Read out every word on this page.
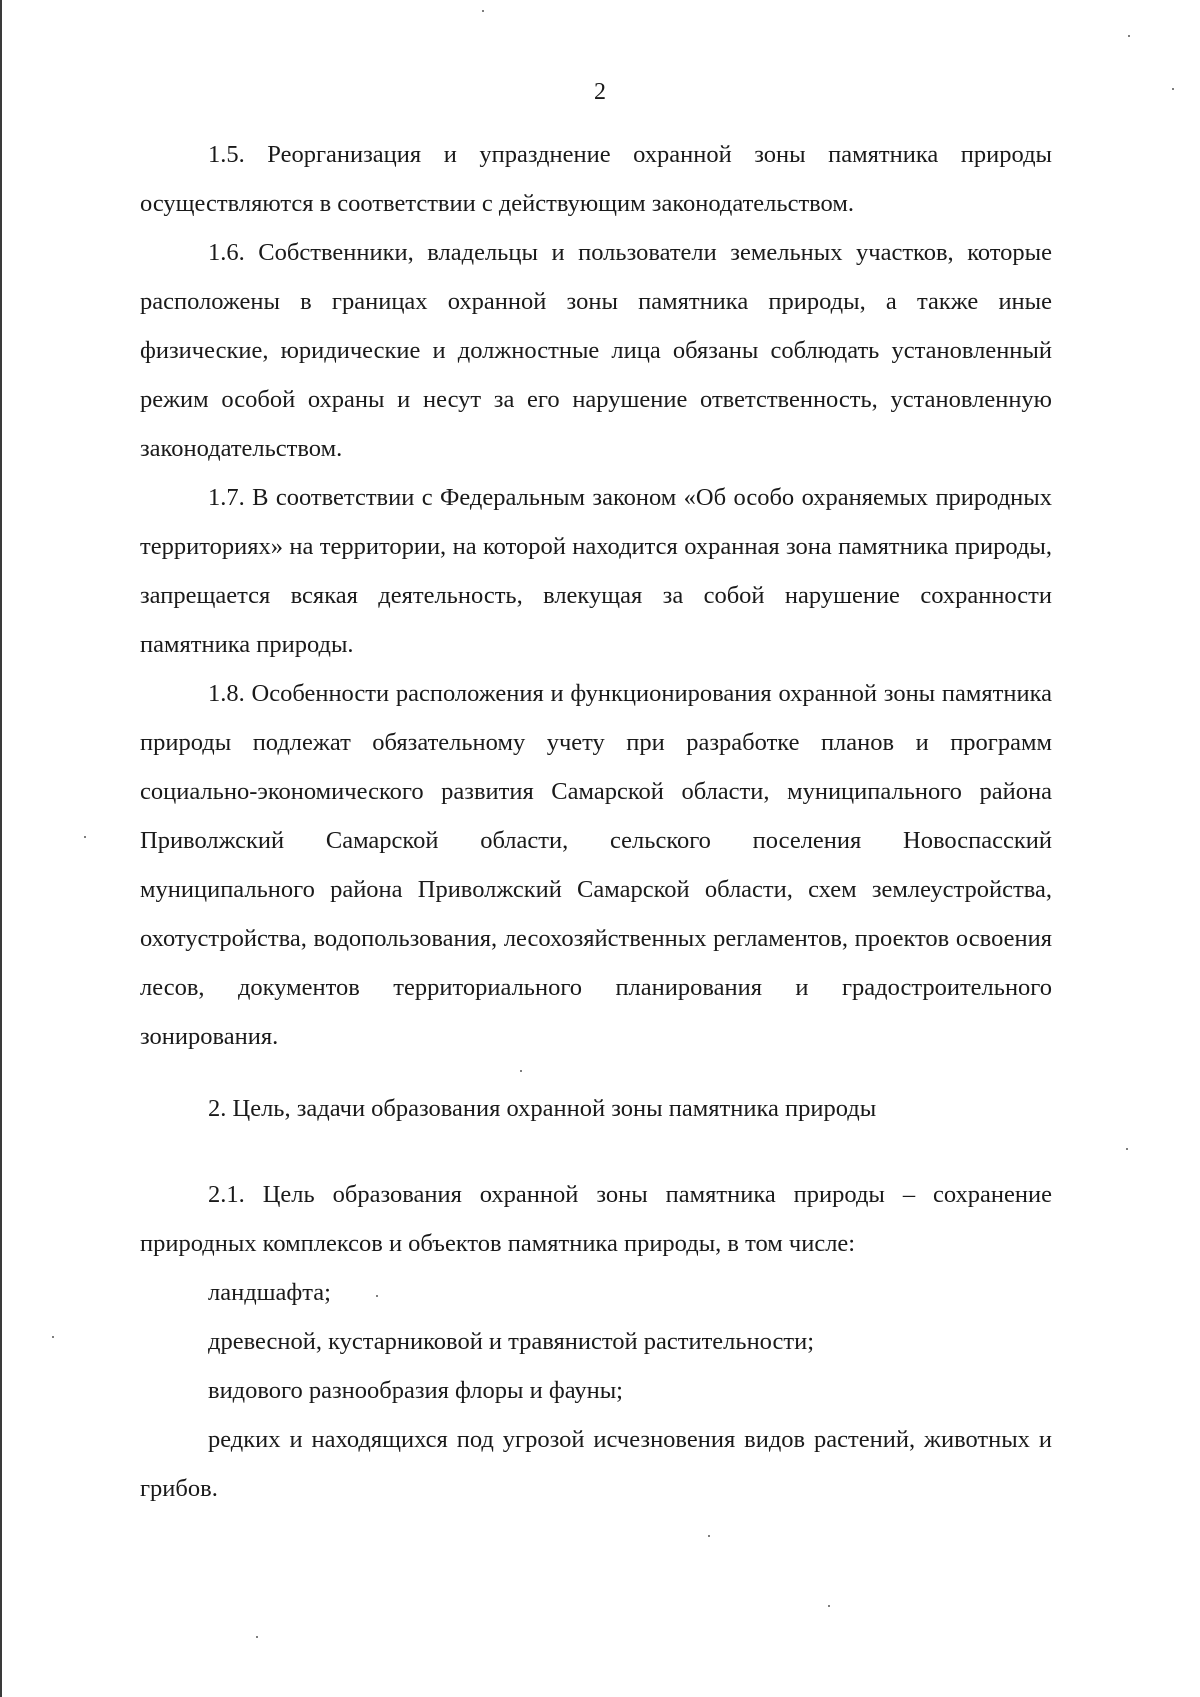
2

1.5. Реорганизация и упразднение охранной зоны памятника природы осуществляются в соответствии с действующим законодательством.

1.6. Собственники, владельцы и пользователи земельных участков, которые расположены в границах охранной зоны памятника природы, а также иные физические, юридические и должностные лица обязаны соблюдать установленный режим особой охраны и несут за его нарушение ответственность, установленную законодательством.

1.7. В соответствии с Федеральным законом «Об особо охраняемых природных территориях» на территории, на которой находится охранная зона памятника природы, запрещается всякая деятельность, влекущая за собой нарушение сохранности памятника природы.

1.8. Особенности расположения и функционирования охранной зоны памятника природы подлежат обязательному учету при разработке планов и программ социально-экономического развития Самарской области, муниципального района Приволжский Самарской области, сельского поселения Новоспасский муниципального района Приволжский Самарской области, схем землеустройства, охотустройства, водопользования, лесохозяйственных регламентов, проектов освоения лесов, документов территориального планирования и градостроительного зонирования.

2. Цель, задачи образования охранной зоны памятника природы

2.1. Цель образования охранной зоны памятника природы – сохранение природных комплексов и объектов памятника природы, в том числе:

ландшафта;

древесной, кустарниковой и травянистой растительности;

видового разнообразия флоры и фауны;

редких и находящихся под угрозой исчезновения видов растений, животных и грибов.
